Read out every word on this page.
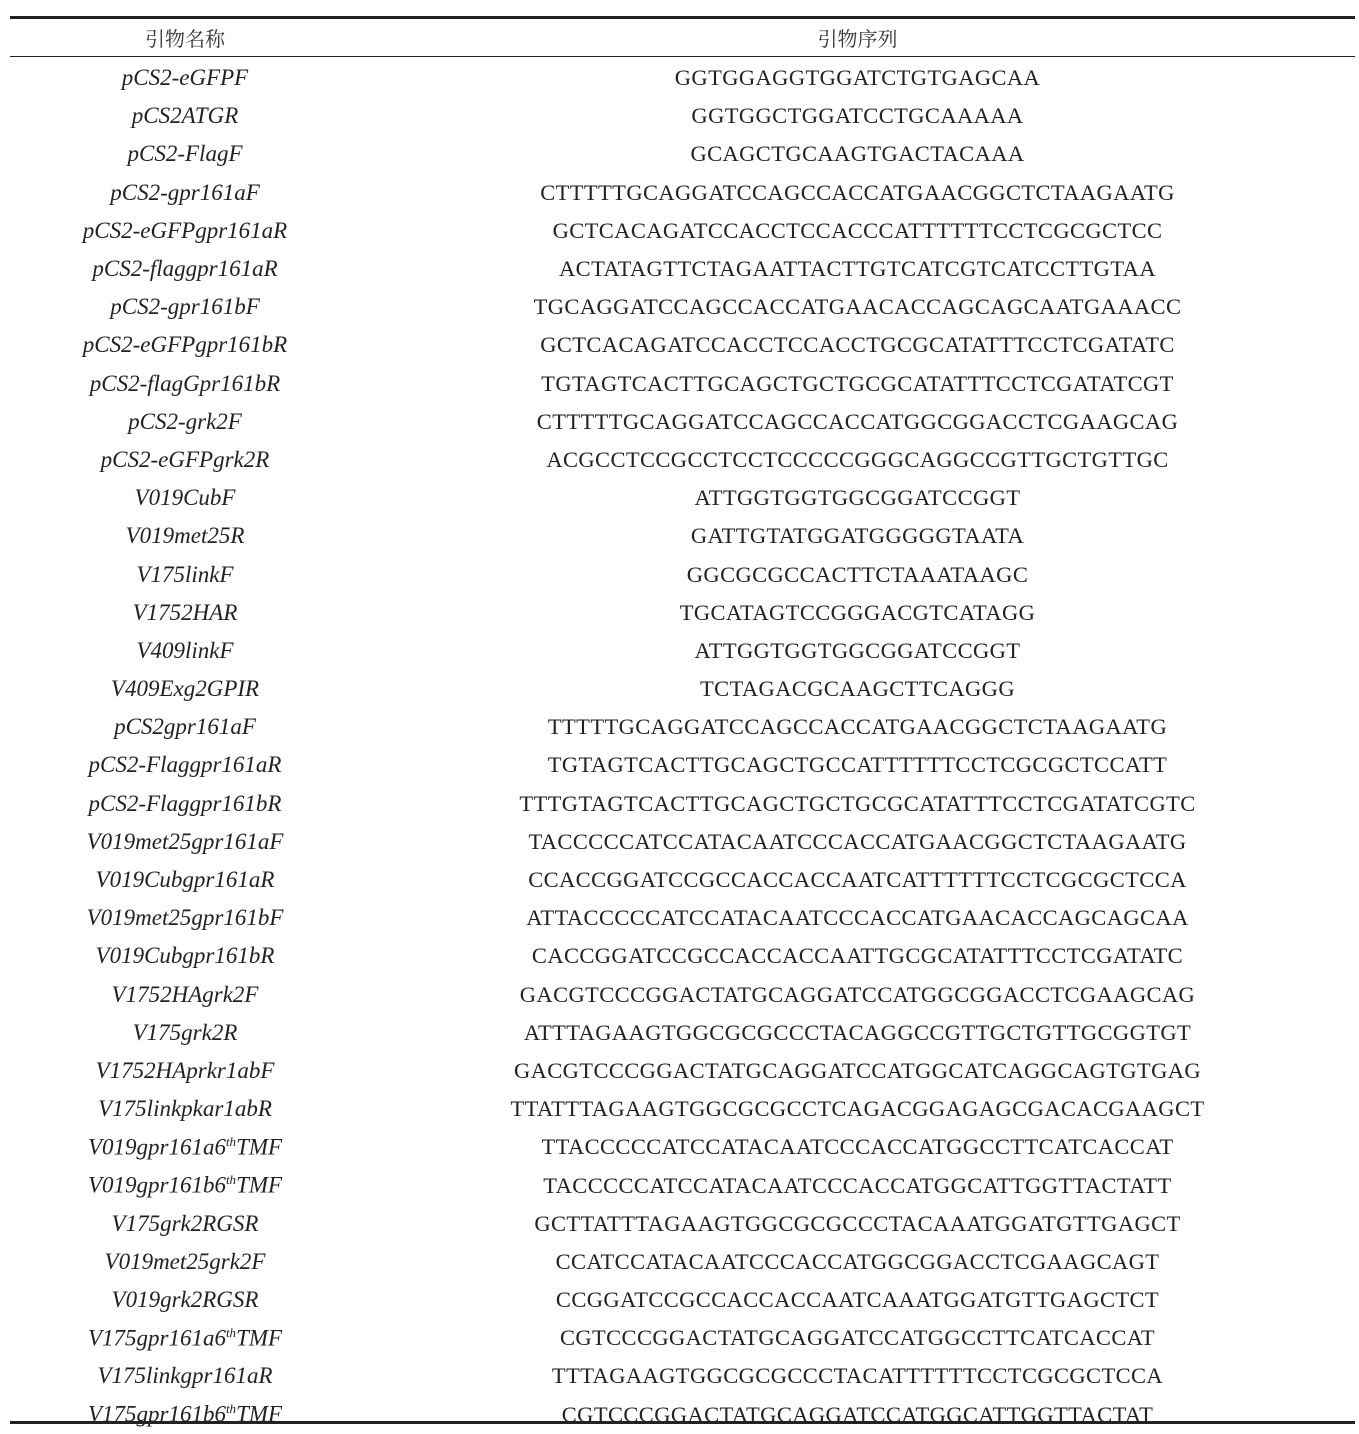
引物名称	引物序列
pCS2-eGFPF	GGTGGAGGTGGATCTGTGAGCAA
pCS2ATGR	GGTGGCTGGATCCTGCAAAAA
pCS2-FlagF	GCAGCTGCAAGTGACTACAAA
pCS2-gpr161aF	CTTTTTGCAGGATCCAGCCACCATGAACGGCTCTAAGAATG
pCS2-eGFPgpr161aR	GCTCACAGATCCACCTCCACCCATTTTTTCCTCGCGCTCC
pCS2-flaggpr161aR	ACTATAGTTCTAGAATTACTTGTCATCGTCATCCTTGTAA
pCS2-gpr161bF	TGCAGGATCCAGCCACCATGAACACCAGCAGCAATGAAACC
pCS2-eGFPgpr161bR	GCTCACAGATCCACCTCCACCTGCGCATATTTCCTCGATATC
pCS2-flagGpr161bR	TGTAGTCACTTGCAGCTGCTGCGCATATTTCCTCGATATCGT
pCS2-grk2F	CTTTTTGCAGGATCCAGCCACCATGGCGGACCTCGAAGCAG
pCS2-eGFPgrk2R	ACGCCTCCGCCTCCTCCCCCGGGCAGGCCGTTGCTGTTGC
V019CubF	ATTGGTGGTGGCGGATCCGGT
V019met25R	GATTGTATGGATGGGGGTAATA
V175linkF	GGCGCGCCACTTCTAAATAAGC
V1752HAR	TGCATAGTCCGGGACGTCATAGG
V409linkF	ATTGGTGGTGGCGGATCCGGT
V409Exg2GPIR	TCTAGACGCAAGCTTCAGGG
pCS2gpr161aF	TTTTTGCAGGATCCAGCCACCATGAACGGCTCTAAGAATG
pCS2-Flaggpr161aR	TGTAGTCACTTGCAGCTGCCATTTTTTCCTCGCGCTCCATT
pCS2-Flaggpr161bR	TTTGTAGTCACTTGCAGCTGCTGCGCATATTTCCTCGATATCGTC
V019met25gpr161aF	TACCCCCATCCATACAATCCCACCATGAACGGCTCTAAGAATG
V019Cubgpr161aR	CCACCGGATCCGCCACCACCAATCATTTTTTCCTCGCGCTCCA
V019met25gpr161bF	ATTACCCCCATCCATACAATCCCACCATGAACACCAGCAGCAA
V019Cubgpr161bR	CACCGGATCCGCCACCACCAATTGCGCATATTTCCTCGATATC
V1752HAgrk2F	GACGTCCCGGACTATGCAGGATCCATGGCGGACCTCGAAGCAG
V175grk2R	ATTTAGAAGTGGCGCGCCCTACAGGCCGTTGCTGTTGCGGTGT
V1752HAprkr1abF	GACGTCCCGGACTATGCAGGATCCATGGCATCAGGCAGTGTGAG
V175linkpkar1abR	TTATTTAGAAGTGGCGCGCCTCAGACGGAGAGCGACACGAAGCT
V019gpr161a6thTMF	TTACCCCCATCCATACAATCCCACCATGGCCTTCATCACCAT
V019gpr161b6thTMF	TACCCCCATCCATACAATCCCACCATGGCATTGGTTACTATT
V175grk2RGSR	GCTTATTTAGAAGTGGCGCGCCCTACAAATGGATGTTGAGCT
V019met25grk2F	CCATCCATACAATCCCACCATGGCGGACCTCGAAGCAGT
V019grk2RGSR	CCGGATCCGCCACCACCAATCAAATGGATGTTGAGCTCT
V175gpr161a6thTMF	CGTCCCGGACTATGCAGGATCCATGGCCTTCATCACCAT
V175linkgpr161aR	TTTAGAAGTGGCGCGCCCTACATTTTTTCCTCGCGCTCCA
V175gpr161b6thTMF	CGTCCCGGACTATGCAGGATCCATGGCATTGGTTACTAT
